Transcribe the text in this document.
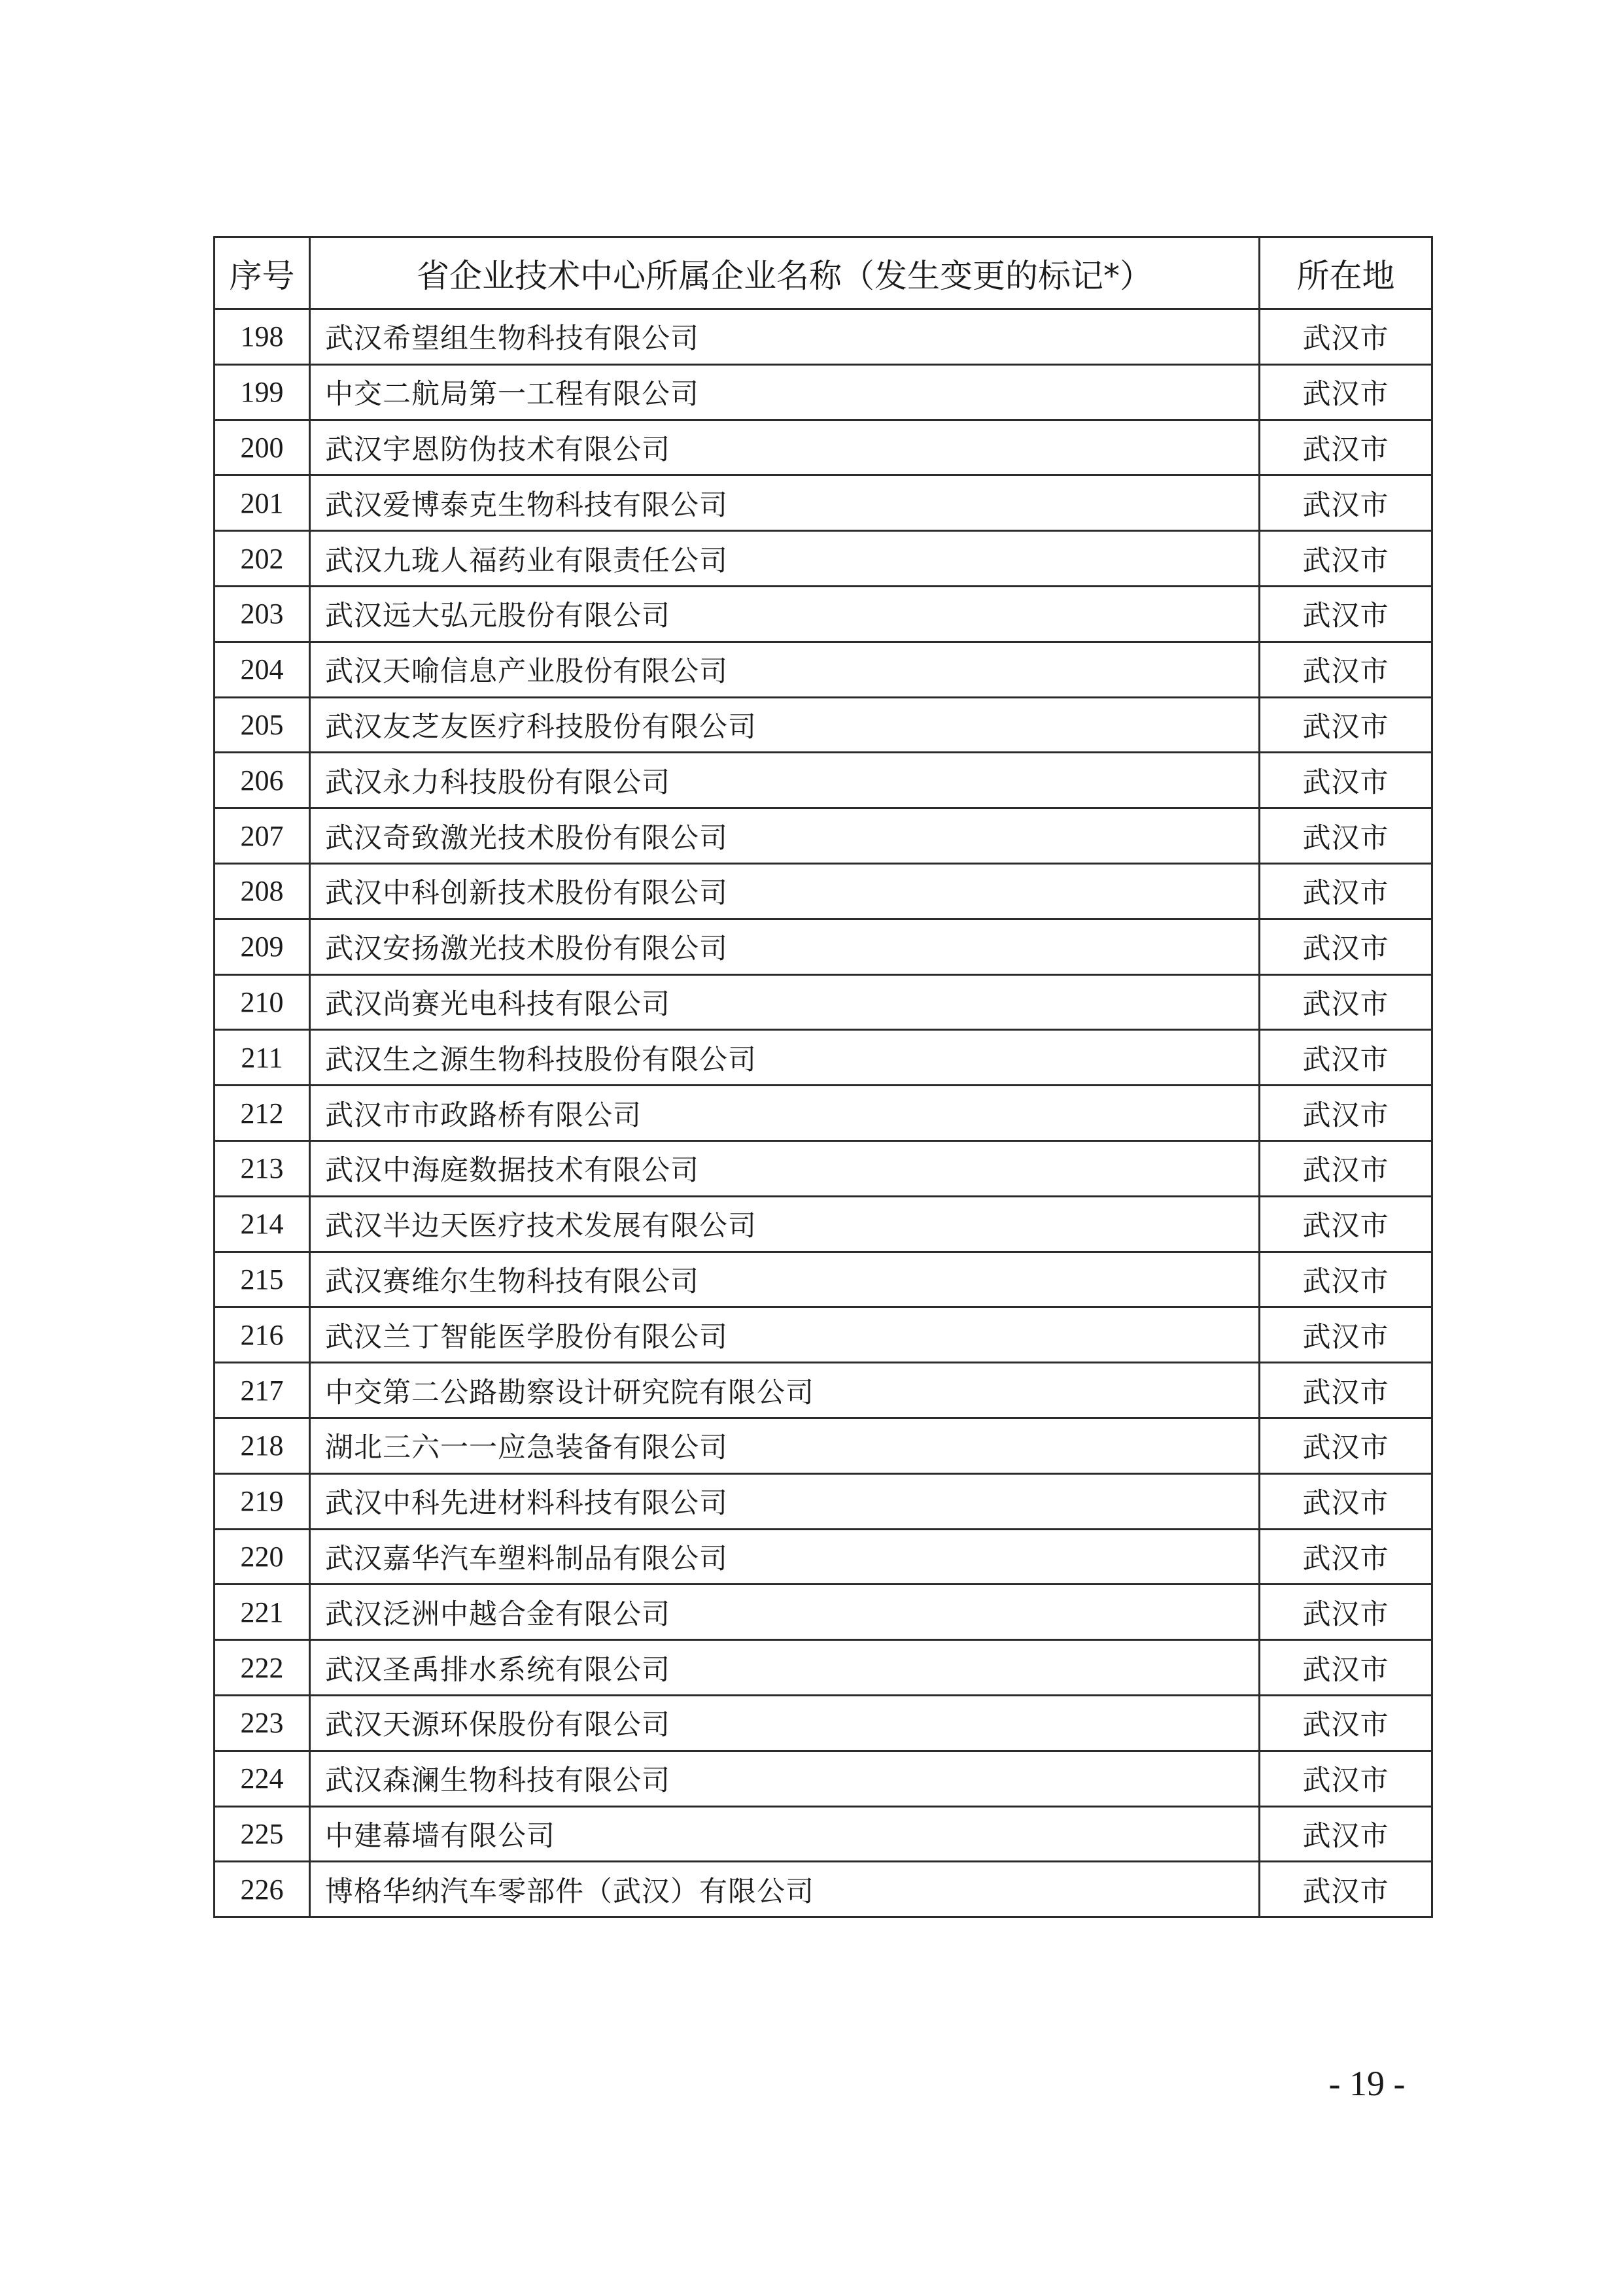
序号	省企业技术中心所属企业名称（发生变更的标记*）	所在地
198	武汉希望组生物科技有限公司	武汉市
199	中交二航局第一工程有限公司	武汉市
200	武汉宇恩防伪技术有限公司	武汉市
201	武汉爱博泰克生物科技有限公司	武汉市
202	武汉九珑人福药业有限责任公司	武汉市
203	武汉远大弘元股份有限公司	武汉市
204	武汉天喻信息产业股份有限公司	武汉市
205	武汉友芝友医疗科技股份有限公司	武汉市
206	武汉永力科技股份有限公司	武汉市
207	武汉奇致激光技术股份有限公司	武汉市
208	武汉中科创新技术股份有限公司	武汉市
209	武汉安扬激光技术股份有限公司	武汉市
210	武汉尚赛光电科技有限公司	武汉市
211	武汉生之源生物科技股份有限公司	武汉市
212	武汉市市政路桥有限公司	武汉市
213	武汉中海庭数据技术有限公司	武汉市
214	武汉半边天医疗技术发展有限公司	武汉市
215	武汉赛维尔生物科技有限公司	武汉市
216	武汉兰丁智能医学股份有限公司	武汉市
217	中交第二公路勘察设计研究院有限公司	武汉市
218	湖北三六一一应急装备有限公司	武汉市
219	武汉中科先进材料科技有限公司	武汉市
220	武汉嘉华汽车塑料制品有限公司	武汉市
221	武汉泛洲中越合金有限公司	武汉市
222	武汉圣禹排水系统有限公司	武汉市
223	武汉天源环保股份有限公司	武汉市
224	武汉森澜生物科技有限公司	武汉市
225	中建幕墙有限公司	武汉市
226	博格华纳汽车零部件（武汉）有限公司	武汉市
- 19 -
